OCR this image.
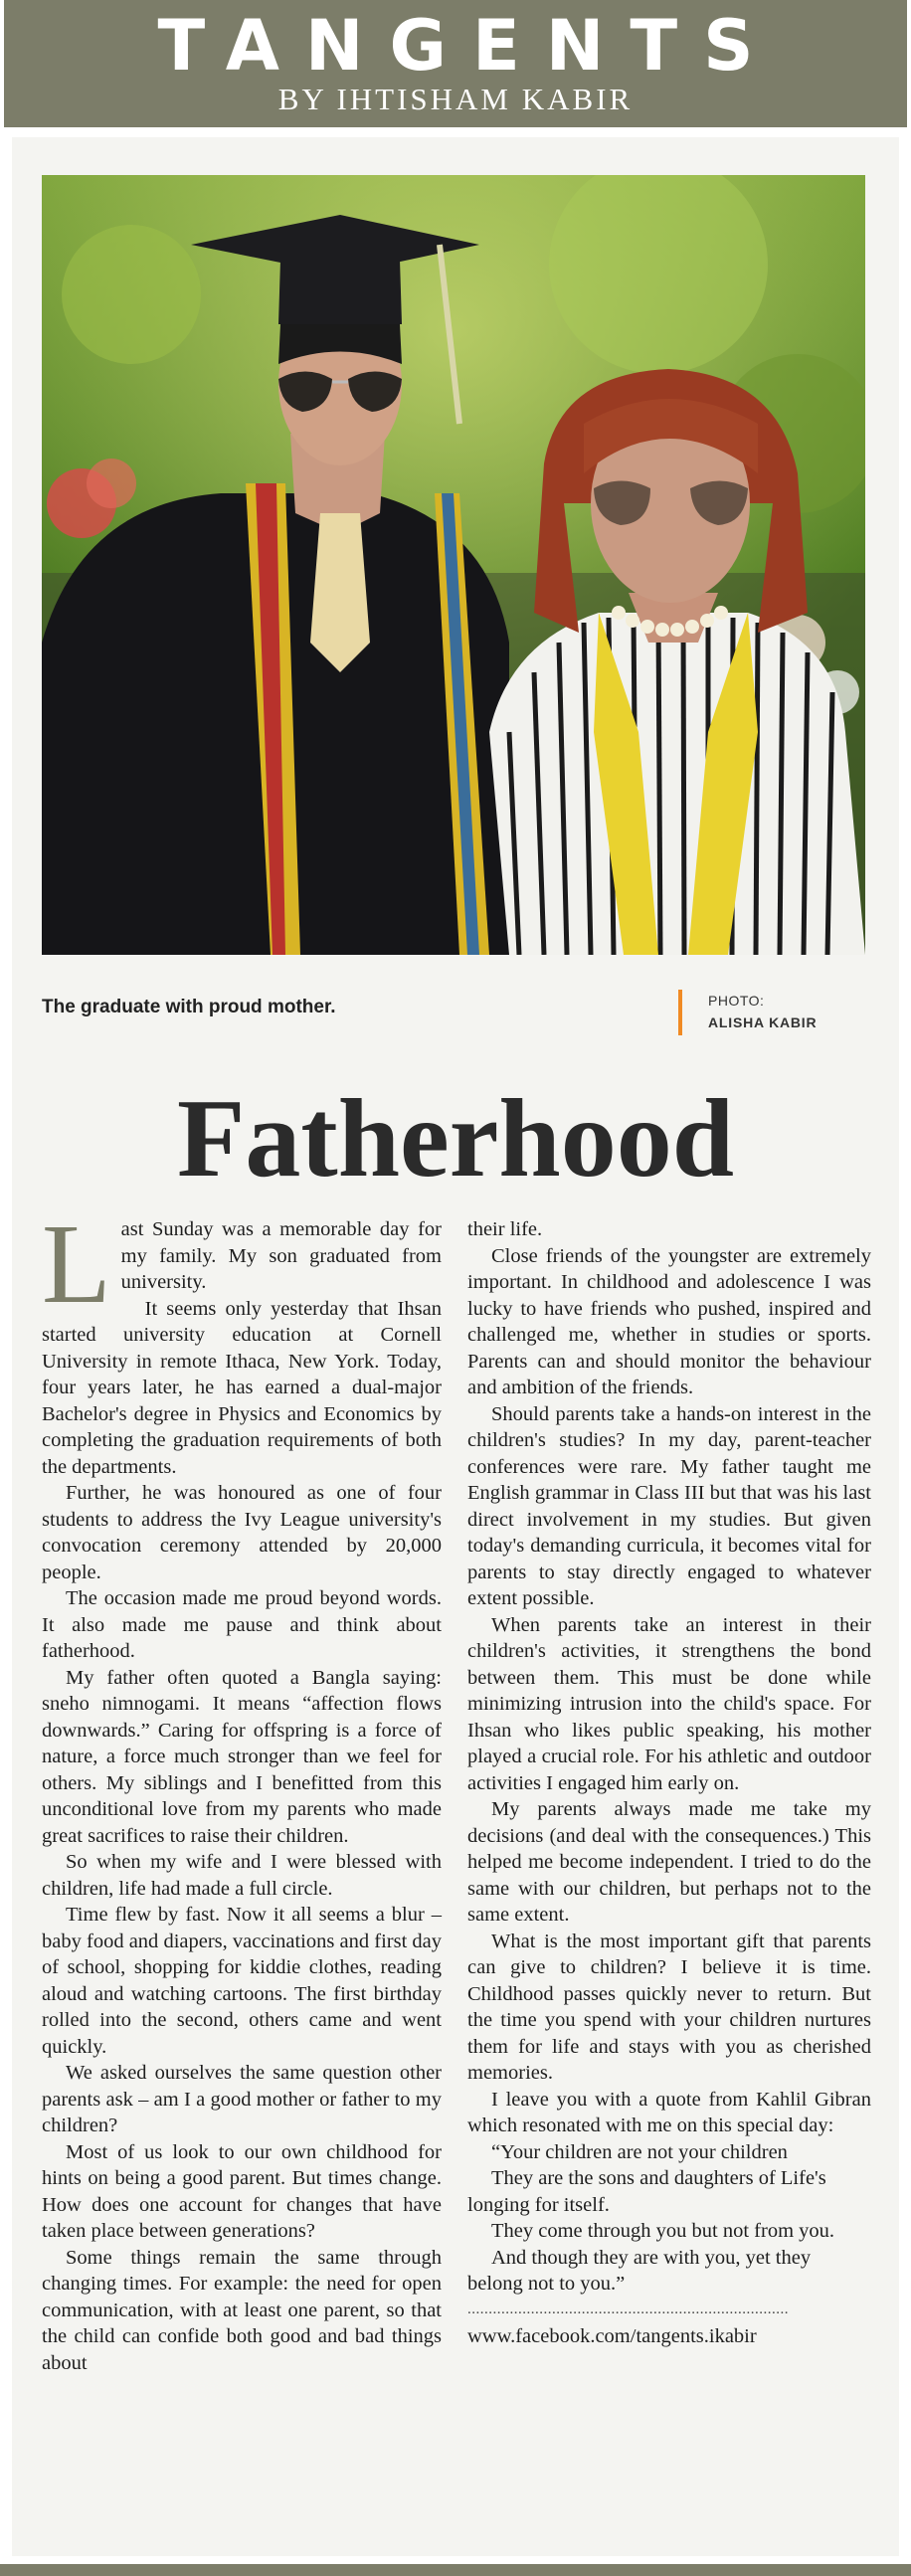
TANGENTS
BY IHTISHAM KABIR
The graduate with proud mother.	PHOTO:
ALISHA KABIR
Fatherhood

Last Sunday was a memorable day for my family. My son graduated from university.

It seems only yesterday that Ihsan started university education at Cornell University in remote Ithaca, New York. Today, four years later, he has earned a dual-major Bachelor's degree in Physics and Economics by completing the graduation requirements of both the departments.

Further, he was honoured as one of four students to address the Ivy League university's convocation ceremony attended by 20,000 people.

The occasion made me proud beyond words. It also made me pause and think about fatherhood.

My father often quoted a Bangla saying: sneho nimnogami. It means “affection flows downwards.” Caring for offspring is a force of nature, a force much stronger than we feel for others. My siblings and I benefitted from this unconditional love from my parents who made great sacrifices to raise their children.

So when my wife and I were blessed with children, life had made a full circle.

Time flew by fast. Now it all seems a blur – baby food and diapers, vaccinations and first day of school, shopping for kiddie clothes, reading aloud and watching cartoons. The first birthday rolled into the second, others came and went quickly.

We asked ourselves the same question other parents ask – am I a good mother or father to my children?

Most of us look to our own childhood for hints on being a good parent. But times change. How does one account for changes that have taken place between generations?

Some things remain the same through changing times. For example: the need for open communication, with at least one parent, so that the child can confide both good and bad things about

their life.

Close friends of the youngster are extremely important. In childhood and adolescence I was lucky to have friends who pushed, inspired and challenged me, whether in studies or sports. Parents can and should monitor the behaviour and ambition of the friends.

Should parents take a hands-on interest in the children's studies? In my day, parent-teacher conferences were rare. My father taught me English grammar in Class III but that was his last direct involvement in my studies. But given today's demanding curricula, it becomes vital for parents to stay directly engaged to whatever extent possible.

When parents take an interest in their children's activities, it strengthens the bond between them. This must be done while minimizing intrusion into the child's space. For Ihsan who likes public speaking, his mother played a crucial role. For his athletic and outdoor activities I engaged him early on.

My parents always made me take my decisions (and deal with the consequences.) This helped me become independent. I tried to do the same with our children, but perhaps not to the same extent.

What is the most important gift that parents can give to children? I believe it is time. Childhood passes quickly never to return. But the time you spend with your children nurtures them for life and stays with you as cherished memories.

I leave you with a quote from Kahlil Gibran which resonated with me on this special day:

“Your children are not your children

They are the sons and daughters of Life's longing for itself.

They come through you but not from you.

And though they are with you, yet they belong not to you.”

............................................................................
www.facebook.com/tangents.ikabir
